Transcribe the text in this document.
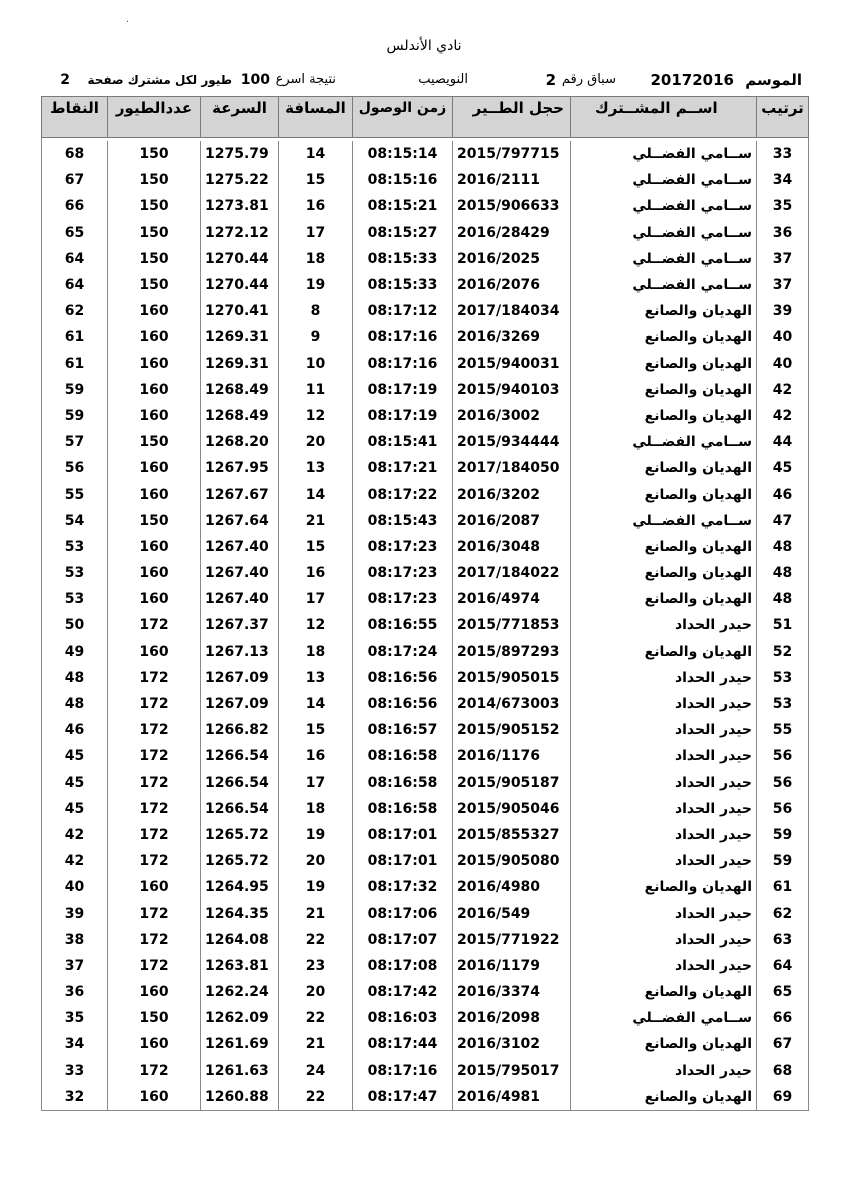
.
نادي الأندلس
الموسم
20172016
سباق رقم
2
النويصيب
نتيجة اسرع
100
طيور لكل مشترك صفحة
2
ترتيب	اســم المشــترك	حجل الطــير	زمن الوصول	المسافة	السرعة	عددالطيور	النقاط

33	ســامي الفضــلي	2015/797715	08:15:14	14	1275.79	150	68
34	ســامي الفضــلي	2016/2111	08:15:16	15	1275.22	150	67
35	ســامي الفضــلي	2015/906633	08:15:21	16	1273.81	150	66
36	ســامي الفضــلي	2016/28429	08:15:27	17	1272.12	150	65
37	ســامي الفضــلي	2016/2025	08:15:33	18	1270.44	150	64
37	ســامي الفضــلي	2016/2076	08:15:33	19	1270.44	150	64
39	الهديان والصانع	2017/184034	08:17:12	8	1270.41	160	62
40	الهديان والصانع	2016/3269	08:17:16	9	1269.31	160	61
40	الهديان والصانع	2015/940031	08:17:16	10	1269.31	160	61
42	الهديان والصانع	2015/940103	08:17:19	11	1268.49	160	59
42	الهديان والصانع	2016/3002	08:17:19	12	1268.49	160	59
44	ســامي الفضــلي	2015/934444	08:15:41	20	1268.20	150	57
45	الهديان والصانع	2017/184050	08:17:21	13	1267.95	160	56
46	الهديان والصانع	2016/3202	08:17:22	14	1267.67	160	55
47	ســامي الفضــلي	2016/2087	08:15:43	21	1267.64	150	54
48	الهديان والصانع	2016/3048	08:17:23	15	1267.40	160	53
48	الهديان والصانع	2017/184022	08:17:23	16	1267.40	160	53
48	الهديان والصانع	2016/4974	08:17:23	17	1267.40	160	53
51	حيدر الحداد	2015/771853	08:16:55	12	1267.37	172	50
52	الهديان والصانع	2015/897293	08:17:24	18	1267.13	160	49
53	حيدر الحداد	2015/905015	08:16:56	13	1267.09	172	48
53	حيدر الحداد	2014/673003	08:16:56	14	1267.09	172	48
55	حيدر الحداد	2015/905152	08:16:57	15	1266.82	172	46
56	حيدر الحداد	2016/1176	08:16:58	16	1266.54	172	45
56	حيدر الحداد	2015/905187	08:16:58	17	1266.54	172	45
56	حيدر الحداد	2015/905046	08:16:58	18	1266.54	172	45
59	حيدر الحداد	2015/855327	08:17:01	19	1265.72	172	42
59	حيدر الحداد	2015/905080	08:17:01	20	1265.72	172	42
61	الهديان والصانع	2016/4980	08:17:32	19	1264.95	160	40
62	حيدر الحداد	2016/549	08:17:06	21	1264.35	172	39
63	حيدر الحداد	2015/771922	08:17:07	22	1264.08	172	38
64	حيدر الحداد	2016/1179	08:17:08	23	1263.81	172	37
65	الهديان والصانع	2016/3374	08:17:42	20	1262.24	160	36
66	ســامي الفضــلي	2016/2098	08:16:03	22	1262.09	150	35
67	الهديان والصانع	2016/3102	08:17:44	21	1261.69	160	34
68	حيدر الحداد	2015/795017	08:17:16	24	1261.63	172	33
69	الهديان والصانع	2016/4981	08:17:47	22	1260.88	160	32
